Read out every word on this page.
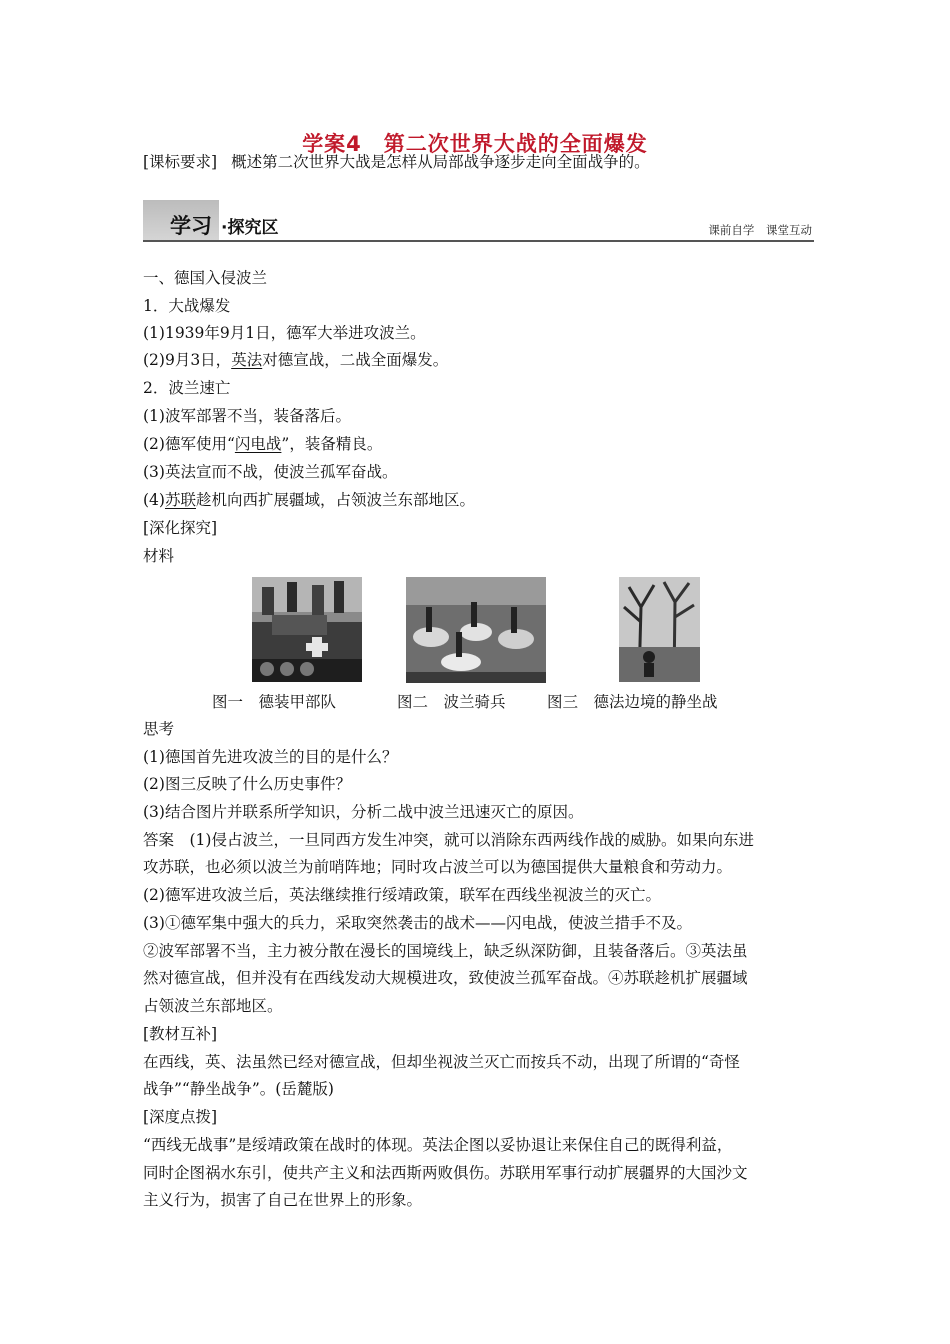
学案4　第二次世界大战的全面爆发
[课标要求] 概述第二次世界大战是怎样从局部战争逐步走向全面战争的。
学习 ·探究区	课前自学 课堂互动
一、德国入侵波兰
1．大战爆发
(1)1939年9月1日，德军大举进攻波兰。
(2)9月3日，英法对德宣战，二战全面爆发。
2．波兰速亡
(1)波军部署不当，装备落后。
(2)德军使用“闪电战”，装备精良。
(3)英法宣而不战，使波兰孤军奋战。
(4)苏联趁机向西扩展疆域，占领波兰东部地区。
[深化探究]
材料
图一　德装甲部队	图二　波兰骑兵	图三　德法边境的静坐战
思考
(1)德国首先进攻波兰的目的是什么？
(2)图三反映了什么历史事件？
(3)结合图片并联系所学知识，分析二战中波兰迅速灭亡的原因。
答案　(1)侵占波兰，一旦同西方发生冲突，就可以消除东西两线作战的威胁。如果向东进
攻苏联，也必须以波兰为前哨阵地；同时攻占波兰可以为德国提供大量粮食和劳动力。
(2)德军进攻波兰后，英法继续推行绥靖政策，联军在西线坐视波兰的灭亡。
(3)①德军集中强大的兵力，采取突然袭击的战术——闪电战，使波兰措手不及。
②波军部署不当，主力被分散在漫长的国境线上，缺乏纵深防御，且装备落后。③英法虽
然对德宣战，但并没有在西线发动大规模进攻，致使波兰孤军奋战。④苏联趁机扩展疆域
占领波兰东部地区。
[教材互补]
在西线，英、法虽然已经对德宣战，但却坐视波兰灭亡而按兵不动，出现了所谓的“奇怪
战争”“静坐战争”。(岳麓版)
[深度点拨]
“西线无战事”是绥靖政策在战时的体现。英法企图以妥协退让来保住自己的既得利益，
同时企图祸水东引，使共产主义和法西斯两败俱伤。苏联用军事行动扩展疆界的大国沙文
主义行为，损害了自己在世界上的形象。
